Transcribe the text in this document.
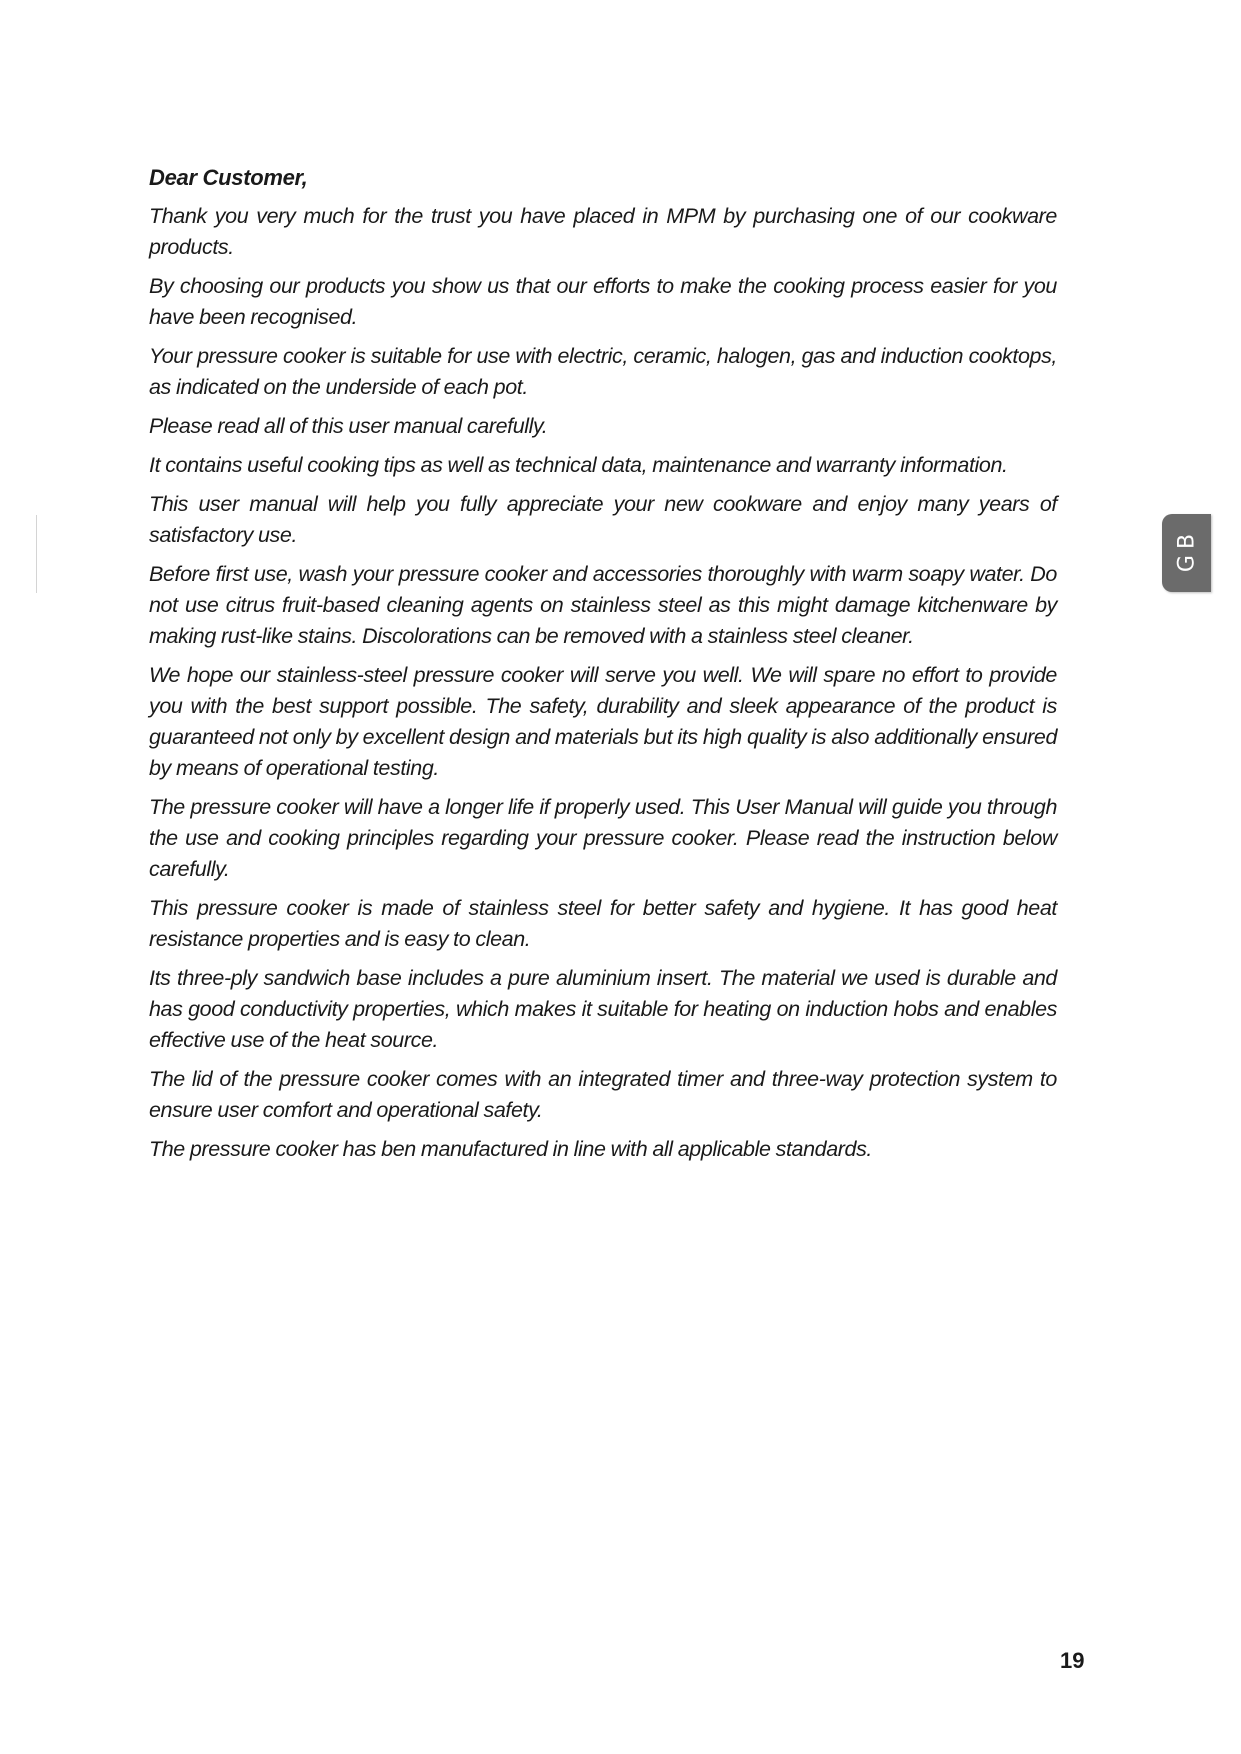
Dear Customer,

Thank you very much for the trust you have placed in MPM by purchasing one of our cookware products.

By choosing our products you show us that our efforts to make the cooking process easier for you have been recognised.

Your pressure cooker is suitable for use with electric, ceramic, halogen, gas and induction cooktops, as indicated on the underside of each pot.

Please read all of this user manual carefully.

It contains useful cooking tips as well as technical data, maintenance and warranty information.

This user manual will help you fully appreciate your new cookware and enjoy many years of satisfactory use.

Before first use, wash your pressure cooker and accessories thoroughly with warm soapy water. Do not use citrus fruit-based cleaning agents on stainless steel as this might damage kitchenware by making rust-like stains. Discolorations can be removed with a stainless steel cleaner.

We hope our stainless-steel pressure cooker will serve you well. We will spare no effort to provide you with the best support possible. The safety, durability and sleek appearance of the product is guaranteed not only by excellent design and materials but its high quality is also additionally ensured by means of operational testing.

The pressure cooker will have a longer life if properly used. This User Manual will guide you through the use and cooking principles regarding your pressure cooker. Please read the instruction below carefully.

This pressure cooker is made of stainless steel for better safety and hygiene. It has good heat resistance properties and is easy to clean.

Its three-ply sandwich base includes a pure aluminium insert. The material we used is durable and has good conductivity properties, which makes it suitable for heating on induction hobs and enables effective use of the heat source.

The lid of the pressure cooker comes with an integrated timer and three-way protection system to ensure user comfort and operational safety.

The pressure cooker has ben manufactured in line with all applicable standards.

GB
19
